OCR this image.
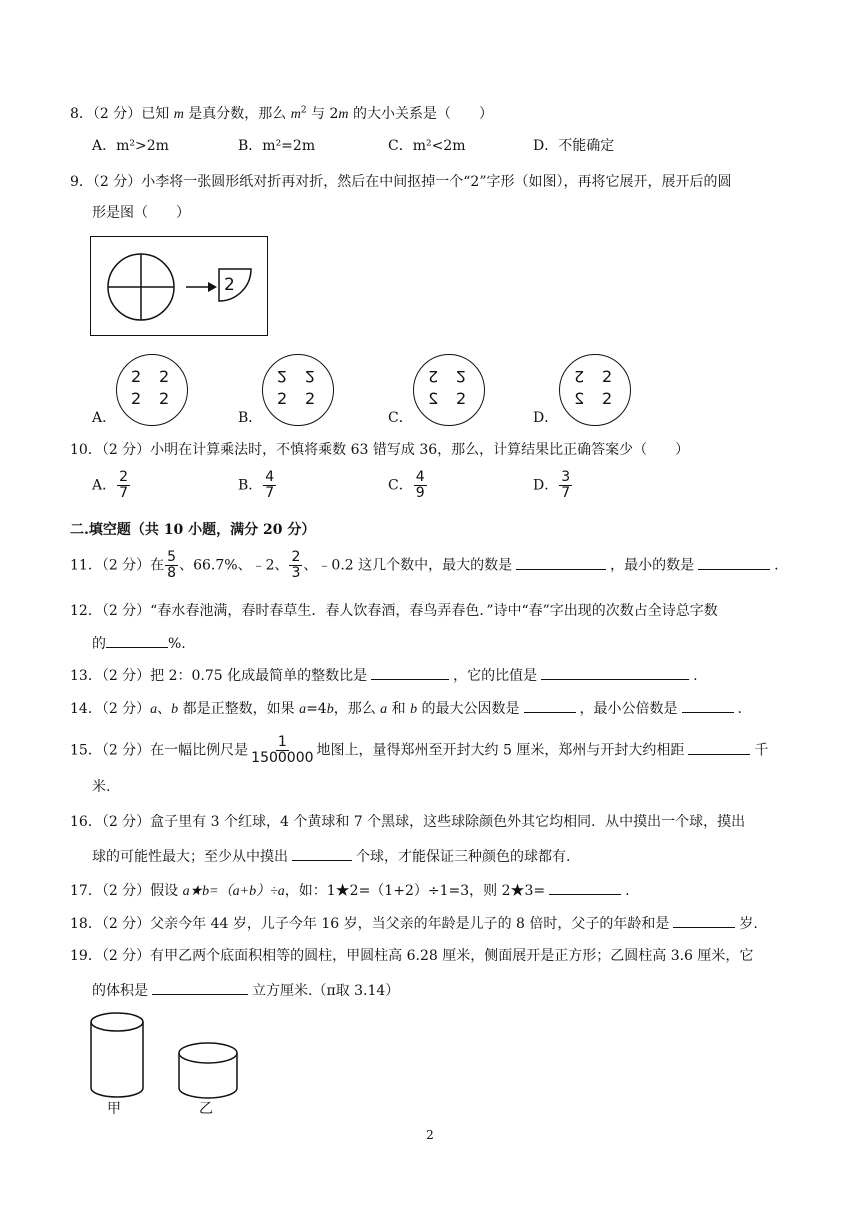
8．（2 分）已知 m 是真分数，那么 $m^2$ 与 2m 的大小关系是（　　）
A．m²>2m	B．m²=2m	C．m²<2m	D．不能确定
9．（2 分）小李将一张圆形纸对折再对折，然后在中间抠掉一个“2”字形（如图），再将它展开，展开后的圆
形是图（　　）
2
2 2
2 2
2 2
2 2
2 2
2 2
2 2
2 2
A．	B．	C．	D．
10．（2 分）小明在计算乘法时，不慎将乘数 63 错写成 36，那么，计算结果比正确答案少（　　）
A． $\frac{2}{7}$	B． $\frac{4}{7}$	C． $\frac{4}{9}$	D． $\frac{3}{7}$
二.填空题（共 10 小题，满分 20 分）
11．（2 分）在 $\frac{5}{8}$ 、66.7%、﹣2、 $\frac{2}{3}$ 、﹣0.2 这几个数中，最大的数是	，最小的数是	.
12．（2 分）“春水春池满，春时春草生．春人饮春酒，春鸟弄春色．”诗中“春”字出现的次数占全诗总字数
的	%.
13．（2 分）把 2：0.75 化成最简单的整数比是	，它的比值是	.
14．（2 分）a、b 都是正整数，如果 a=4b，那么 a 和 b 的最大公因数是	，最小公倍数是	.
15．（2 分）在一幅比例尺是 $\frac{1}{1500000}$ 地图上，量得郑州至开封大约 5 厘米，郑州与开封大约相距	千
米.
16．（2 分）盒子里有 3 个红球，4 个黄球和 7 个黑球，这些球除颜色外其它均相同．从中摸出一个球，摸出
球的可能性最大；至少从中摸出	个球，才能保证三种颜色的球都有.
17．（2 分）假设 a★b=（a+b）÷a，如：1★2=（1+2）÷1=3，则 2★3=	.
18．（2 分）父亲今年 44 岁，儿子今年 16 岁，当父亲的年龄是儿子的 8 倍时，父子的年龄和是	岁.
19．（2 分）有甲乙两个底面积相等的圆柱，甲圆柱高 6.28 厘米，侧面展开是正方形；乙圆柱高 3.6 厘米，它
的体积是	立方厘米.（π取 3.14）
甲	乙
2
